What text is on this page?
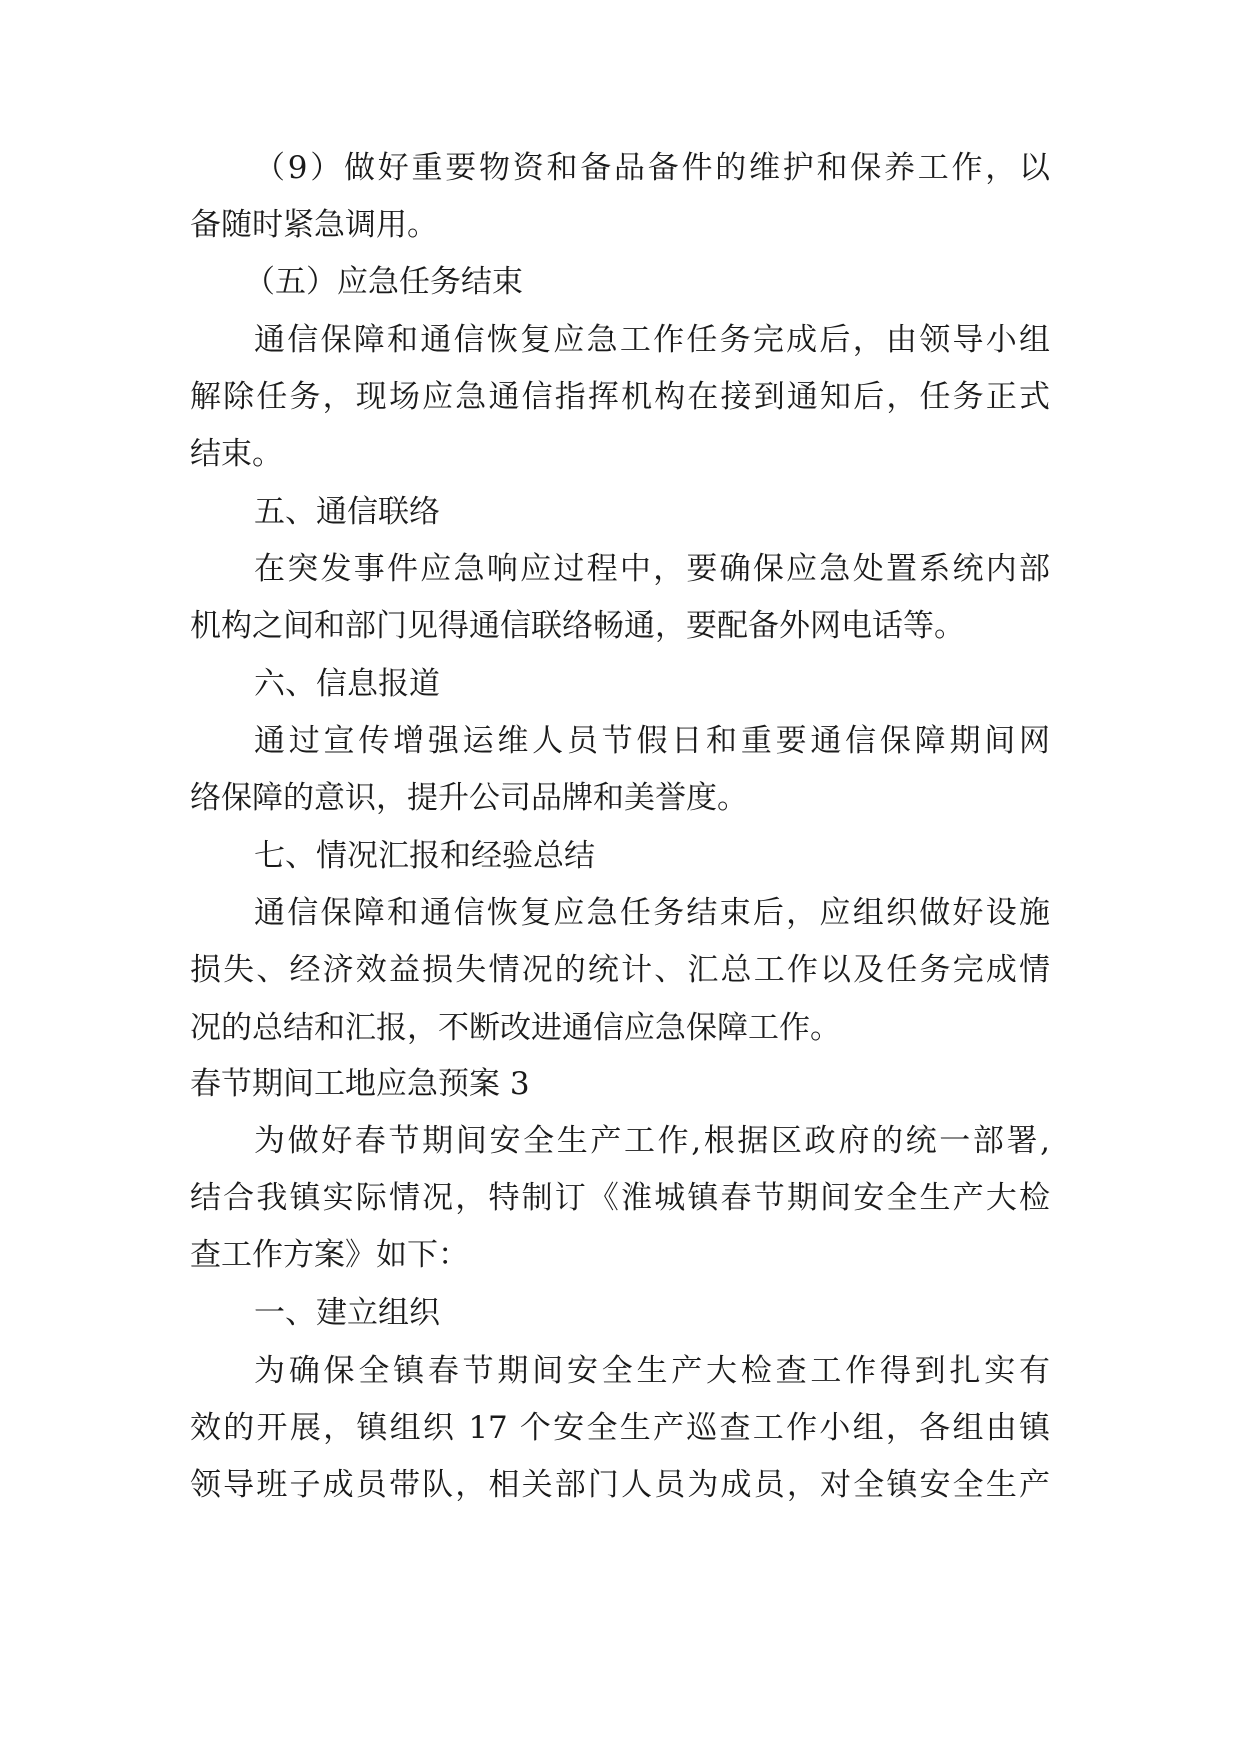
（9）做好重要物资和备品备件的维护和保养工作，以

备随时紧急调用。

（五）应急任务结束

通信保障和通信恢复应急工作任务完成后，由领导小组

解除任务，现场应急通信指挥机构在接到通知后，任务正式

结束。

五、通信联络

在突发事件应急响应过程中，要确保应急处置系统内部

机构之间和部门见得通信联络畅通，要配备外网电话等。

六、信息报道

通过宣传增强运维人员节假日和重要通信保障期间网

络保障的意识，提升公司品牌和美誉度。

七、情况汇报和经验总结

通信保障和通信恢复应急任务结束后，应组织做好设施

损失、经济效益损失情况的统计、汇总工作以及任务完成情

况的总结和汇报，不断改进通信应急保障工作。

春节期间工地应急预案 3

为做好春节期间安全生产工作,根据区政府的统一部署,

结合我镇实际情况，特制订《淮城镇春节期间安全生产大检

查工作方案》如下：

一、建立组织

为确保全镇春节期间安全生产大检查工作得到扎实有

效的开展，镇组织 17 个安全生产巡查工作小组，各组由镇

领导班子成员带队，相关部门人员为成员，对全镇安全生产
